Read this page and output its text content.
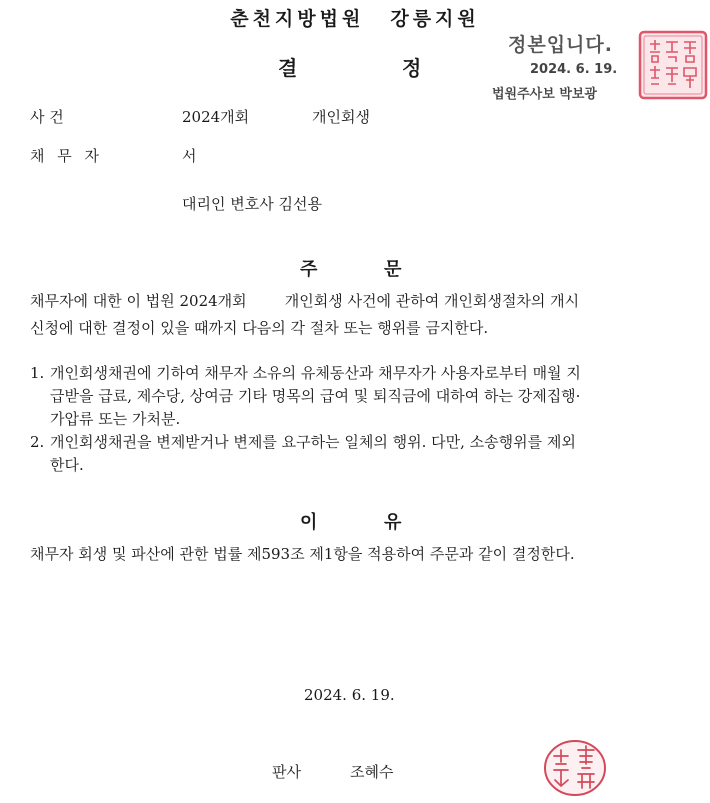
춘천지방법원 강릉지원
결	정
정본입니다.
2024. 6. 19.
법원주사보 박보광
사 건	2024개회	개인회생
채 무 자	서
대리인 변호사 김선용
주	문
채무자에 대한 이 법원 2024개회        개인회생 사건에 관하여 개인회생절차의 개시
신청에 대한 결정이 있을 때까지 다음의 각 절차 또는 행위를 금지한다.
1. 개인회생채권에 기하여 채무자 소유의 유체동산과 채무자가 사용자로부터 매월 지
급받을 급료, 제수당, 상여금 기타 명목의 급여 및 퇴직금에 대하여 하는 강제집행·
가압류 또는 가처분.
2. 개인회생채권을 변제받거나 변제를 요구하는 일체의 행위. 다만, 소송행위를 제외
한다.
이	유
채무자 회생 및 파산에 관한 법률 제593조 제1항을 적용하여 주문과 같이 결정한다.
2024. 6. 19.
판사	조혜수
